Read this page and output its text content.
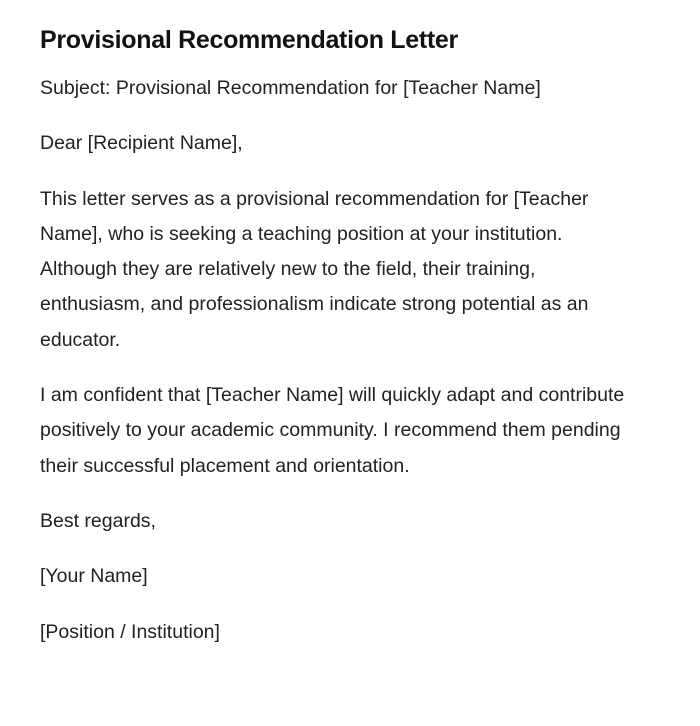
Provisional Recommendation Letter

Subject: Provisional Recommendation for [Teacher Name]

Dear [Recipient Name],

This letter serves as a provisional recommendation for [Teacher Name], who is seeking a teaching position at your institution. Although they are relatively new to the field, their training, enthusiasm, and professionalism indicate strong potential as an educator.

I am confident that [Teacher Name] will quickly adapt and contribute positively to your academic community. I recommend them pending their successful placement and orientation.

Best regards,

[Your Name]

[Position / Institution]
